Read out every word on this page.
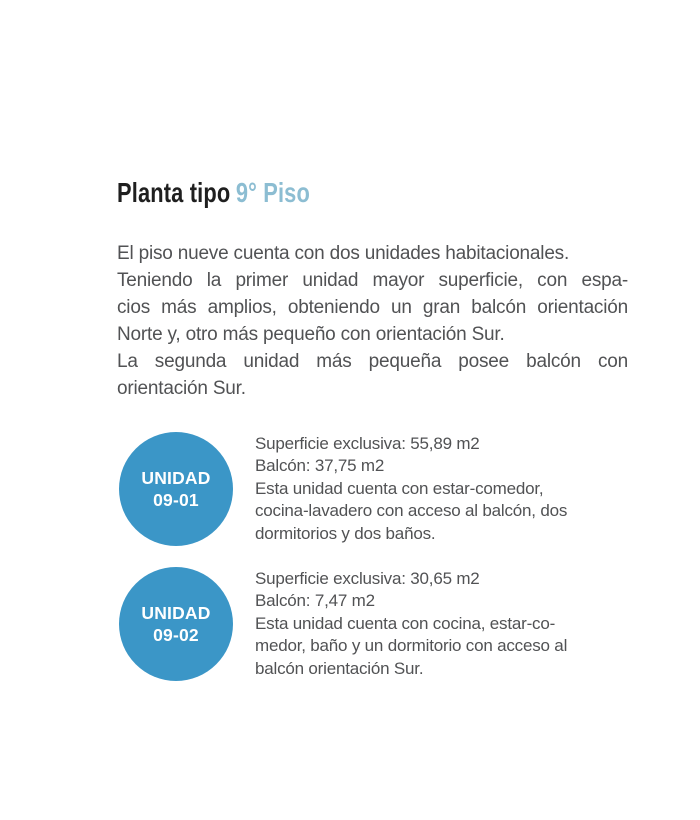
Planta tipo 9° Piso
El piso nueve cuenta con dos unidades habitacionales.
Teniendo la primer unidad mayor superficie, con espa-
cios más amplios, obteniendo un gran balcón orientación
Norte y, otro más pequeño con orientación Sur.
La segunda unidad más pequeña posee balcón con
orientación Sur.
UNIDAD
09-01
Superficie exclusiva: 55,89 m2
Balcón: 37,75 m2
Esta unidad cuenta con estar-comedor,
cocina-lavadero con acceso al balcón, dos
dormitorios y dos baños.
UNIDAD
09-02
Superficie exclusiva: 30,65 m2
Balcón: 7,47 m2
Esta unidad cuenta con cocina, estar-co-
medor, baño y un dormitorio con acceso al
balcón orientación Sur.
